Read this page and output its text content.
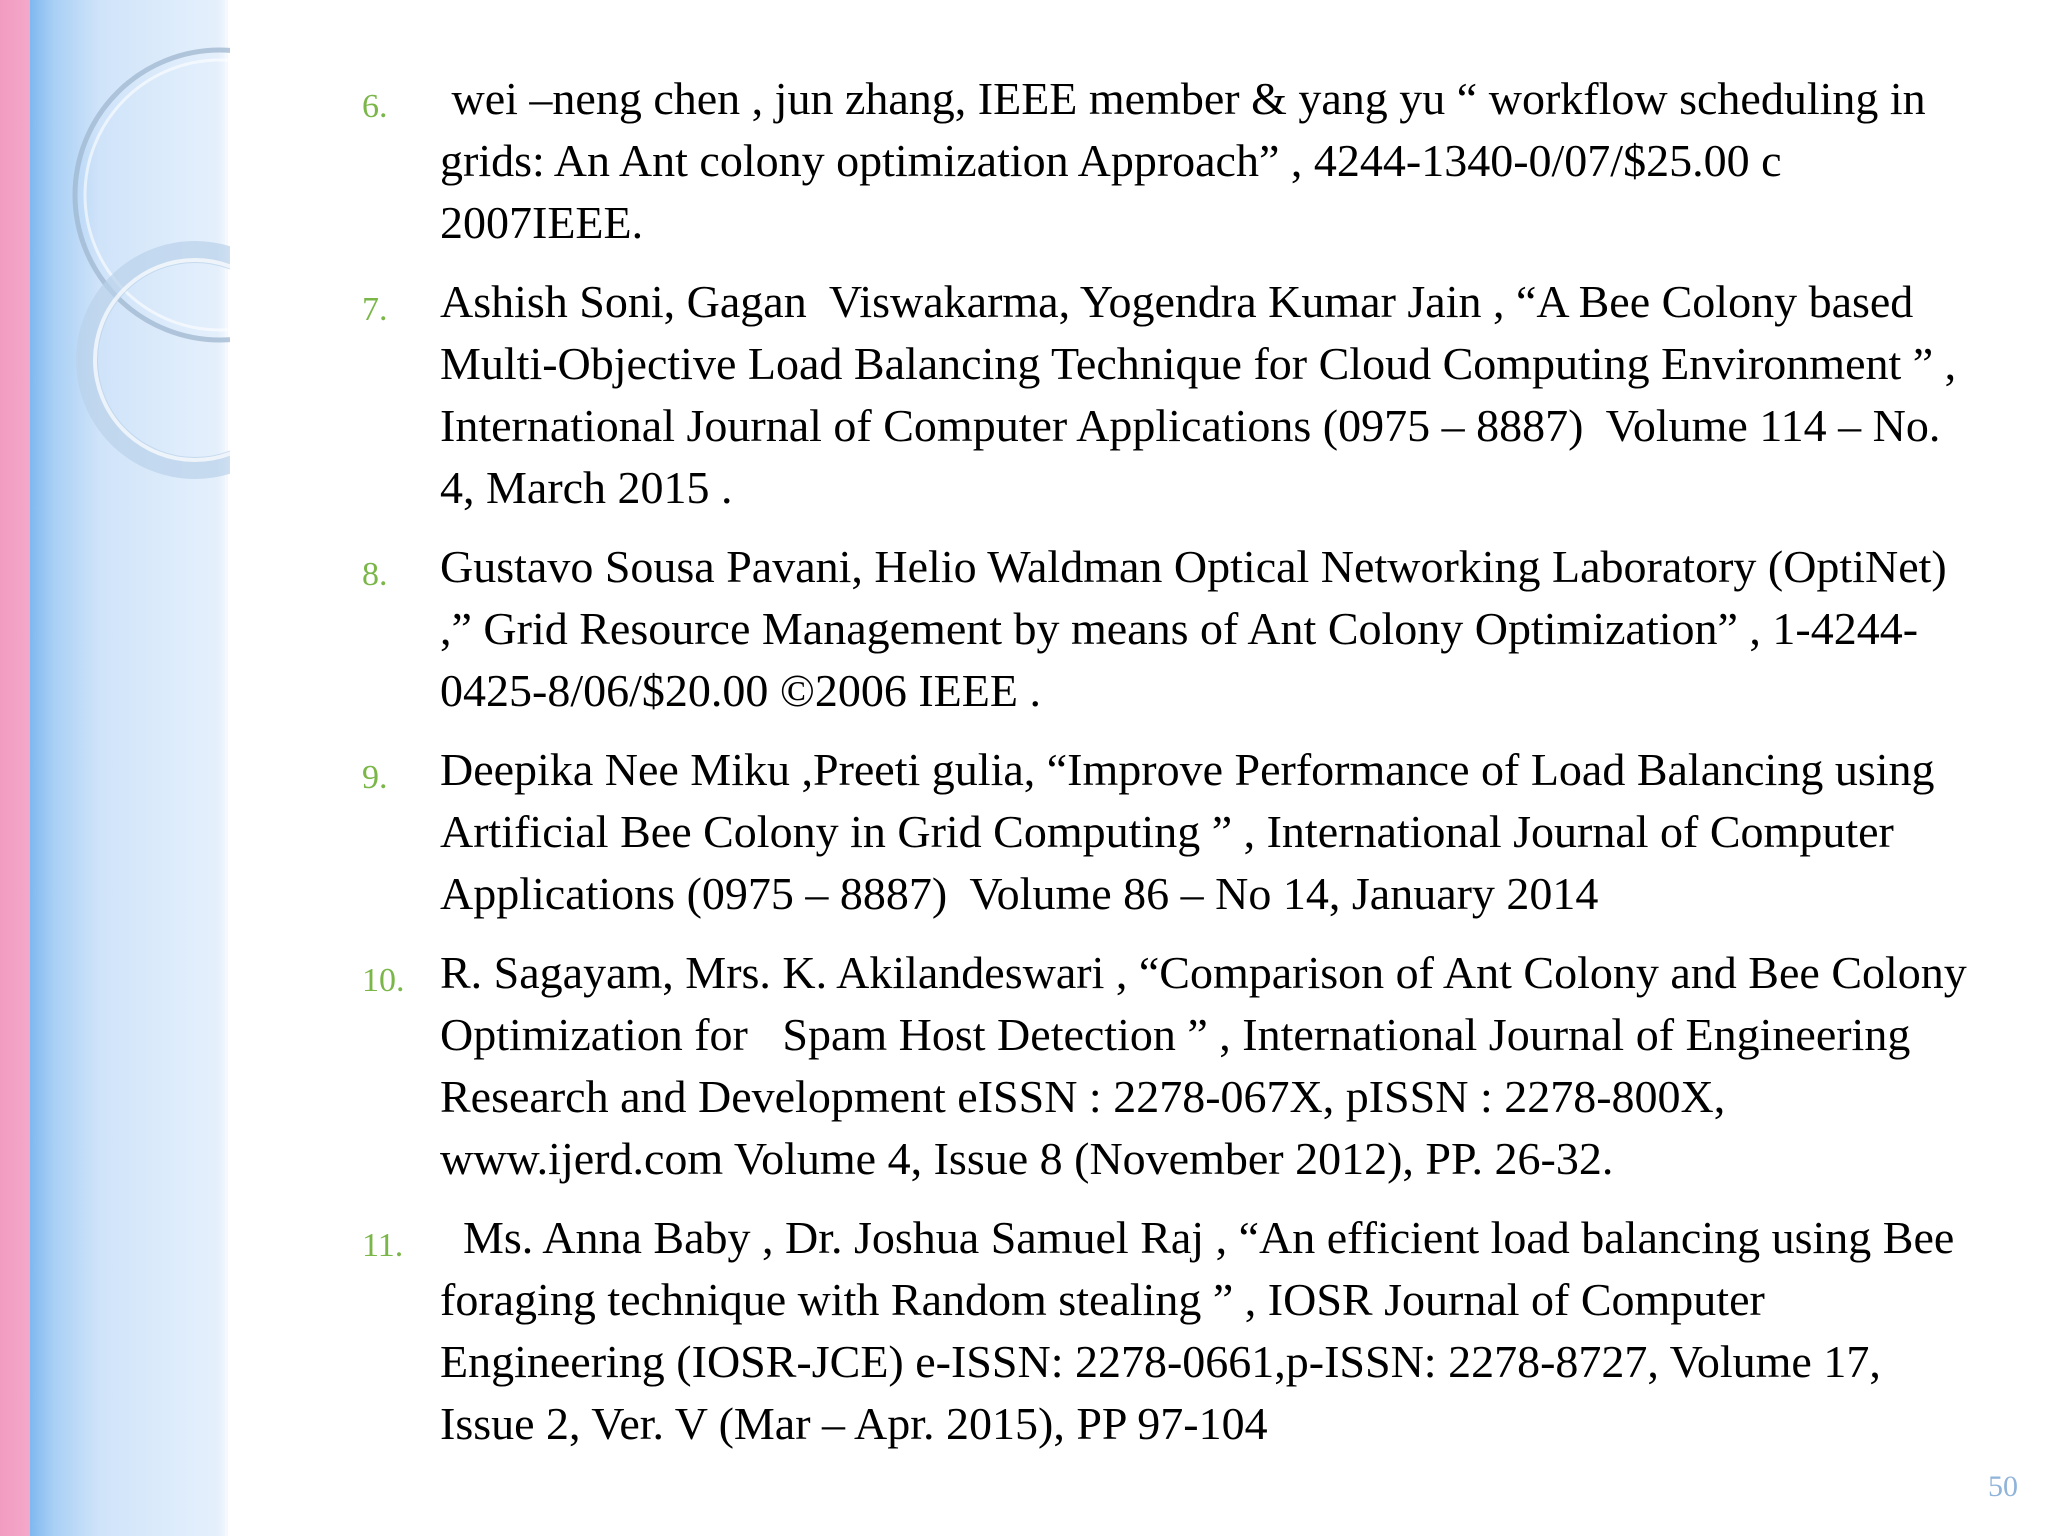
6. wei –neng chen , jun zhang, IEEE member & yang yu “ workflow scheduling in grids: An Ant colony optimization Approach” , 4244-1340-0/07/$25.00 c 2007IEEE.
7. Ashish Soni, Gagan  Viswakarma, Yogendra Kumar Jain , “A Bee Colony based Multi-Objective Load Balancing Technique for Cloud Computing Environment ” , International Journal of Computer Applications (0975 – 8887)  Volume 114 – No. 4, March 2015 .
8. Gustavo Sousa Pavani, Helio Waldman Optical Networking Laboratory (OptiNet) ,” Grid Resource Management by means of Ant Colony Optimization” , 1-4244-0425-8/06/$20.00 ©2006 IEEE .
9. Deepika Nee Miku ,Preeti gulia, “Improve Performance of Load Balancing using Artificial Bee Colony in Grid Computing ” , International Journal of Computer Applications (0975 – 8887)  Volume 86 – No 14, January 2014
10. R. Sagayam, Mrs. K. Akilandeswari , “Comparison of Ant Colony and Bee Colony Optimization for   Spam Host Detection ” , International Journal of Engineering Research and Development eISSN : 2278-067X, pISSN : 2278-800X, www.ijerd.com Volume 4, Issue 8 (November 2012), PP. 26-32.
11. Ms. Anna Baby , Dr. Joshua Samuel Raj , “An efficient load balancing using Bee foraging technique with Random stealing ” , IOSR Journal of Computer Engineering (IOSR-JCE) e-ISSN: 2278-0661,p-ISSN: 2278-8727, Volume 17, Issue 2, Ver. V (Mar – Apr. 2015), PP 97-104
50
